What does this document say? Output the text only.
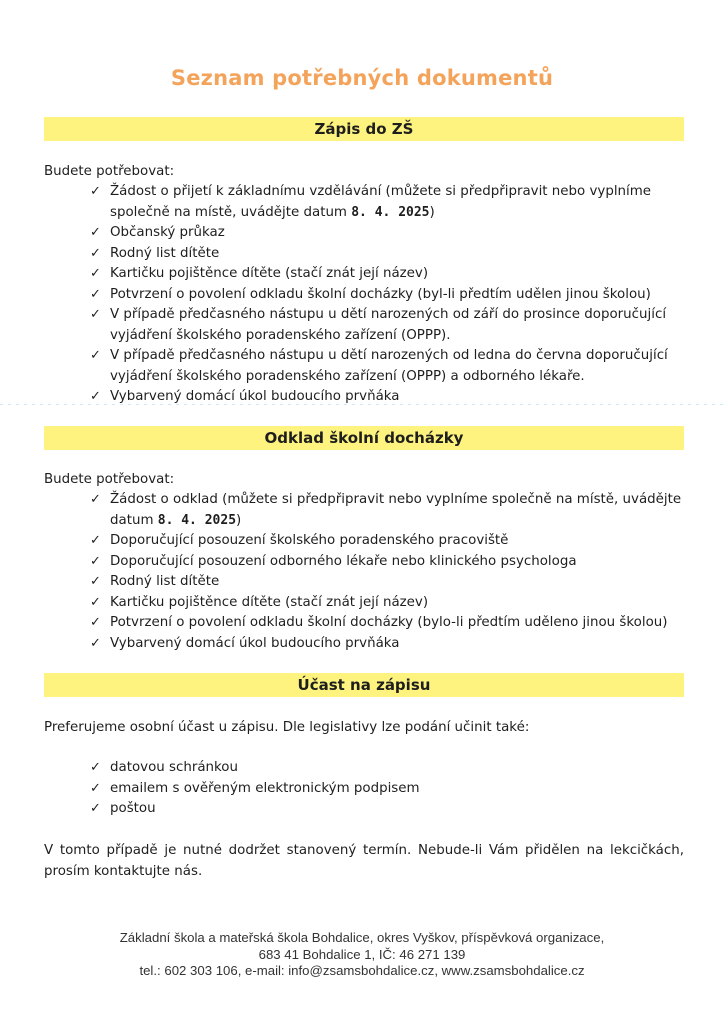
Seznam potřebných dokumentů
Zápis do ZŠ
Budete potřebovat:
✓ Žádost o přijetí k základnímu vzdělávání (můžete si předpřipravit nebo vyplníme společně na místě, uvádějte datum 8. 4. 2025)
✓ Občanský průkaz
✓ Rodný list dítěte
✓ Kartičku pojištěnce dítěte (stačí znát její název)
✓ Potvrzení o povolení odkladu školní docházky (byl-li předtím udělen jinou školou)
✓ V případě předčasného nástupu u dětí narozených od září do prosince doporučující vyjádření školského poradenského zařízení (OPPP).
✓ V případě předčasného nástupu u dětí narozených od ledna do června doporučující vyjádření školského poradenského zařízení (OPPP) a odborného lékaře.
✓ Vybarvený domácí úkol budoucího prvňáka
Odklad školní docházky
Budete potřebovat:
✓ Žádost o odklad (můžete si předpřipravit nebo vyplníme společně na místě, uvádějte datum 8. 4. 2025)
✓ Doporučující posouzení školského poradenského pracoviště
✓ Doporučující posouzení odborného lékaře nebo klinického psychologa
✓ Rodný list dítěte
✓ Kartičku pojištěnce dítěte (stačí znát její název)
✓ Potvrzení o povolení odkladu školní docházky (bylo-li předtím uděleno jinou školou)
✓ Vybarvený domácí úkol budoucího prvňáka
Účast na zápisu
Preferujeme osobní účast u zápisu. Dle legislativy lze podání učinit také:
✓ datovou schránkou
✓ emailem s ověřeným elektronickým podpisem
✓ poštou
V tomto případě je nutné dodržet stanovený termín. Nebude-li Vám přidělen na lekcičkách, prosím kontaktujte nás.
Základní škola a mateřská škola Bohdalice, okres Vyškov, příspěvková organizace,
683 41 Bohdalice 1, IČ: 46 271 139
tel.: 602 303 106, e-mail: info@zsamsbohdalice.cz, www.zsamsbohdalice.cz
